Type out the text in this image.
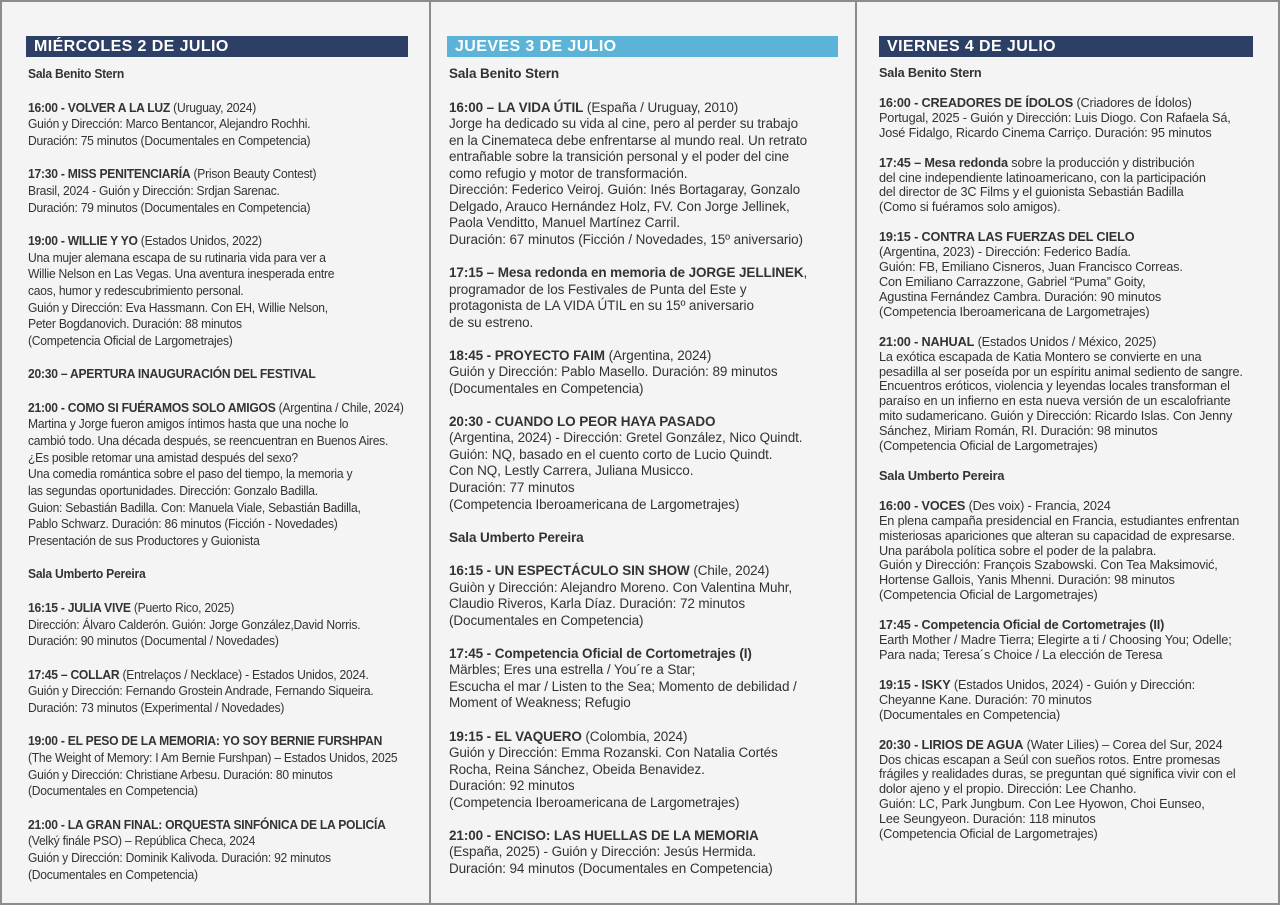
MIÉRCOLES 2 DE JULIO
Sala Benito Stern
16:00 - VOLVER A LA LUZ (Uruguay, 2024)
Guión y Dirección: Marco Bentancor, Alejandro Rochhi.
Duración: 75 minutos (Documentales en Competencia)
17:30 - MISS PENITENCIARÍA (Prison Beauty Contest)
Brasil, 2024 - Guión y Dirección: Srdjan Sarenac.
Duración: 79 minutos (Documentales en Competencia)
19:00 - WILLIE Y YO (Estados Unidos, 2022)
Una mujer alemana escapa de su rutinaria vida para ver a
Willie Nelson en Las Vegas. Una aventura inesperada entre
caos, humor y redescubrimiento personal.
Guión y Dirección: Eva Hassmann. Con EH, Willie Nelson,
Peter Bogdanovich. Duración: 88 minutos
(Competencia Oficial de Largometrajes)
20:30 – APERTURA INAUGURACIÓN DEL FESTIVAL
21:00 - COMO SI FUÉRAMOS SOLO AMIGOS (Argentina / Chile, 2024)
Martina y Jorge fueron amigos íntimos hasta que una noche lo
cambió todo. Una década después, se reencuentran en Buenos Aires.
¿Es posible retomar una amistad después del sexo?
Una comedia romántica sobre el paso del tiempo, la memoria y
las segundas oportunidades. Dirección: Gonzalo Badilla.
Guion: Sebastián Badilla. Con: Manuela Viale, Sebastián Badilla,
Pablo Schwarz. Duración: 86 minutos (Ficción - Novedades)
Presentación de sus Productores y Guionista
Sala Umberto Pereira
16:15 - JULIA VIVE (Puerto Rico, 2025)
Dirección: Álvaro Calderón. Guión: Jorge González,David Norris.
Duración: 90 minutos (Documental / Novedades)
17:45 – COLLAR (Entrelaços / Necklace) - Estados Unidos, 2024.
Guión y Dirección: Fernando Grostein Andrade, Fernando Siqueira.
Duración: 73 minutos (Experimental / Novedades)
19:00 - EL PESO DE LA MEMORIA: YO SOY BERNIE FURSHPAN
(The Weight of Memory: I Am Bernie Furshpan) – Estados Unidos, 2025
Guión y Dirección: Christiane Arbesu. Duración: 80 minutos
(Documentales en Competencia)
21:00 - LA GRAN FINAL: ORQUESTA SINFÓNICA DE LA POLICÍA
(Velký finále PSO) – República Checa, 2024
Guión y Dirección: Dominik Kalivoda. Duración: 92 minutos
(Documentales en Competencia)
JUEVES 3 DE JULIO
Sala Benito Stern
16:00 – LA VIDA ÚTIL (España / Uruguay, 2010)
Jorge ha dedicado su vida al cine, pero al perder su trabajo
en la Cinemateca debe enfrentarse al mundo real. Un retrato
entrañable sobre la transición personal y el poder del cine
como refugio y motor de transformación.
Dirección: Federico Veiroj. Guión: Inés Bortagaray, Gonzalo
Delgado, Arauco Hernández Holz, FV. Con Jorge Jellinek,
Paola Venditto, Manuel Martínez Carril.
Duración: 67 minutos (Ficción / Novedades, 15º aniversario)
17:15 – Mesa redonda en memoria de JORGE JELLINEK,
programador de los Festivales de Punta del Este y
protagonista de LA VIDA ÚTIL en su 15º aniversario
de su estreno.
18:45 - PROYECTO FAIM (Argentina, 2024)
Guión y Dirección: Pablo Masello. Duración: 89 minutos
(Documentales en Competencia)
20:30 - CUANDO LO PEOR HAYA PASADO
(Argentina, 2024) - Dirección: Gretel González, Nico Quindt.
Guión: NQ, basado en el cuento corto de Lucio Quindt.
Con NQ, Lestly Carrera, Juliana Musicco.
Duración: 77 minutos
(Competencia Iberoamericana de Largometrajes)
Sala Umberto Pereira
16:15 - UN ESPECTÁCULO SIN SHOW (Chile, 2024)
Guiòn y Dirección: Alejandro Moreno. Con Valentina Muhr,
Claudio Riveros, Karla Díaz. Duración: 72 minutos
(Documentales en Competencia)
17:45 - Competencia Oficial de Cortometrajes (I)
Märbles; Eres una estrella / You´re a Star;
Escucha el mar / Listen to the Sea; Momento de debilidad /
Moment of Weakness; Refugio
19:15 - EL VAQUERO (Colombia, 2024)
Guión y Dirección: Emma Rozanski. Con Natalia Cortés
Rocha, Reina Sánchez, Obeida Benavidez.
Duración: 92 minutos
(Competencia Iberoamericana de Largometrajes)
21:00 - ENCISO: LAS HUELLAS DE LA MEMORIA
(España, 2025) - Guión y Dirección: Jesús Hermida.
Duración: 94 minutos (Documentales en Competencia)
VIERNES 4 DE JULIO
Sala Benito Stern
16:00 - CREADORES DE ÍDOLOS (Criadores de Ídolos)
Portugal, 2025 - Guión y Dirección: Luis Diogo. Con Rafaela Sá,
José Fidalgo, Ricardo Cinema Carriço. Duración: 95 minutos
17:45 – Mesa redonda sobre la producción y distribución
del cine independiente latinoamericano, con la participación
del director de 3C Films y el guionista Sebastián Badilla
(Como si fuéramos solo amigos).
19:15 - CONTRA LAS FUERZAS DEL CIELO
(Argentina, 2023) - Dirección: Federico Badía.
Guión: FB, Emiliano Cisneros, Juan Francisco Correas.
Con Emiliano Carrazzone, Gabriel “Puma” Goity,
Agustina Fernández Cambra. Duración: 90 minutos
(Competencia Iberoamericana de Largometrajes)
21:00 - NAHUAL (Estados Unidos / México, 2025)
La exótica escapada de Katia Montero se convierte en una
pesadilla al ser poseída por un espíritu animal sediento de sangre.
Encuentros eróticos, violencia y leyendas locales transforman el
paraíso en un infierno en esta nueva versión de un escalofriante
mito sudamericano. Guión y Dirección: Ricardo Islas. Con Jenny
Sánchez, Miriam Román, RI. Duración: 98 minutos
(Competencia Oficial de Largometrajes)
Sala Umberto Pereira
16:00 - VOCES (Des voix) - Francia, 2024
En plena campaña presidencial en Francia, estudiantes enfrentan
misteriosas apariciones que alteran su capacidad de expresarse.
Una parábola política sobre el poder de la palabra.
Guión y Dirección: François Szabowski. Con Tea Maksimović,
Hortense Gallois, Yanis Mhenni. Duración: 98 minutos
(Competencia Oficial de Largometrajes)
17:45 - Competencia Oficial de Cortometrajes (II)
Earth Mother / Madre Tierra; Elegirte a ti / Choosing You; Odelle;
Para nada; Teresa´s Choice / La elección de Teresa
19:15 - ISKY (Estados Unidos, 2024) - Guión y Dirección:
Cheyanne Kane. Duración: 70 minutos
(Documentales en Competencia)
20:30 - LIRIOS DE AGUA (Water Lilies) – Corea del Sur, 2024
Dos chicas escapan a Seúl con sueños rotos. Entre promesas
frágiles y realidades duras, se preguntan qué significa vivir con el
dolor ajeno y el propio. Dirección: Lee Chanho.
Guión: LC, Park Jungbum. Con Lee Hyowon, Choi Eunseo,
Lee Seungyeon. Duración: 118 minutos
(Competencia Oficial de Largometrajes)
